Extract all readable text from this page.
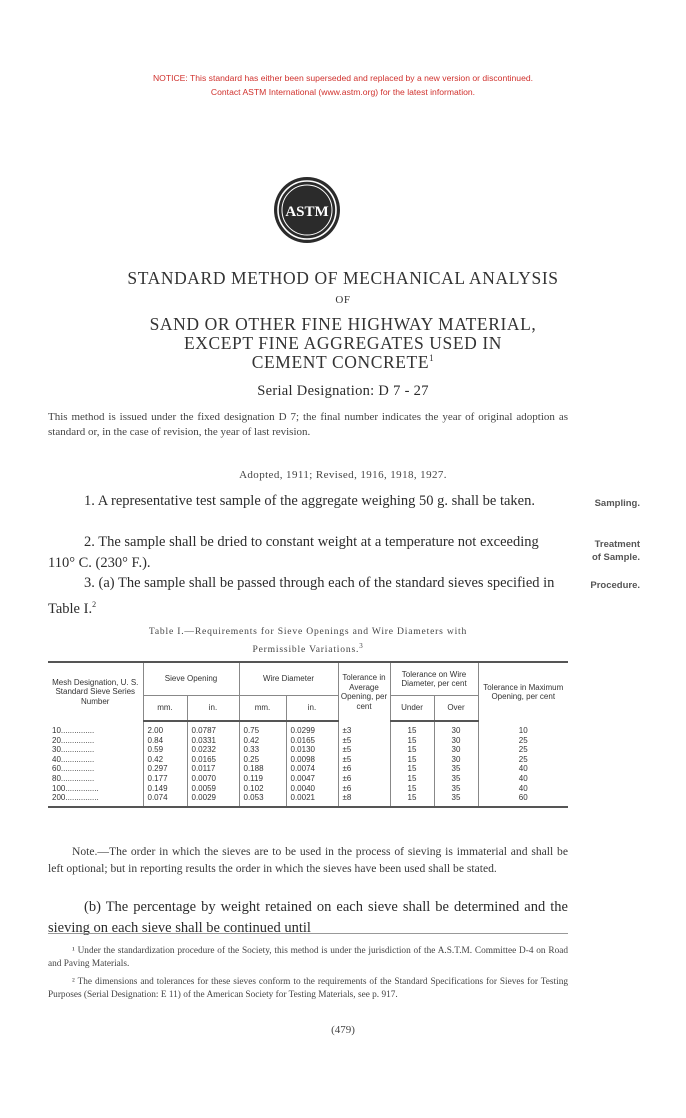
NOTICE: This standard has either been superseded and replaced by a new version or discontinued.
Contact ASTM International (www.astm.org) for the latest information.
ASTM
STANDARD METHOD OF MECHANICAL ANALYSIS
OF
SAND OR OTHER FINE HIGHWAY MATERIAL,
EXCEPT FINE AGGREGATES USED IN
CEMENT CONCRETE$^1$
Serial Designation: D 7 - 27
This method is issued under the fixed designation D 7; the final number indicates the year of original adoption as standard or, in the case of revision, the year of last revision.
Adopted, 1911; Revised, 1916, 1918, 1927.
1. A representative test sample of the aggregate weighing 50 g. shall be taken.
2. The sample shall be dried to constant weight at a temperature not exceeding 110° C. (230° F.).
3. (a) The sample shall be passed through each of the standard sieves specified in Table I.$^2$
Sampling.
Treatment
of Sample.
Procedure.
Table I.—Requirements for Sieve Openings and Wire Diameters with
Permissible Variations.$^3$
Mesh Designation, U. S. Standard Sieve Series Number	Sieve Opening		Wire Diameter		Tolerance in Average Opening, per cent	Tolerance on Wire Diameter, per cent		Tolerance in Maximum Opening, per cent
	mm.	in.	mm.	in.		Under	Over	
10...............	2.00	0.0787	0.75	0.0299	±3	15	30	10
20...............	0.84	0.0331	0.42	0.0165	±5	15	30	25
30...............	0.59	0.0232	0.33	0.0130	±5	15	30	25
40...............	0.42	0.0165	0.25	0.0098	±5	15	30	25
60...............	0.297	0.0117	0.188	0.0074	±6	15	35	40
80...............	0.177	0.0070	0.119	0.0047	±6	15	35	40
100...............	0.149	0.0059	0.102	0.0040	±6	15	35	40
200...............	0.074	0.0029	0.053	0.0021	±8	15	35	60
Note.—The order in which the sieves are to be used in the process of sieving is immaterial and shall be left optional; but in reporting results the order in which the sieves have been used shall be stated.
(b) The percentage by weight retained on each sieve shall be determined and the sieving on each sieve shall be continued until
¹ Under the standardization procedure of the Society, this method is under the jurisdiction of the A.S.T.M. Committee D-4 on Road and Paving Materials.
² The dimensions and tolerances for these sieves conform to the requirements of the Standard Specifications for Sieves for Testing Purposes (Serial Designation: E 11) of the American Society for Testing Materials, see p. 917.
(479)
